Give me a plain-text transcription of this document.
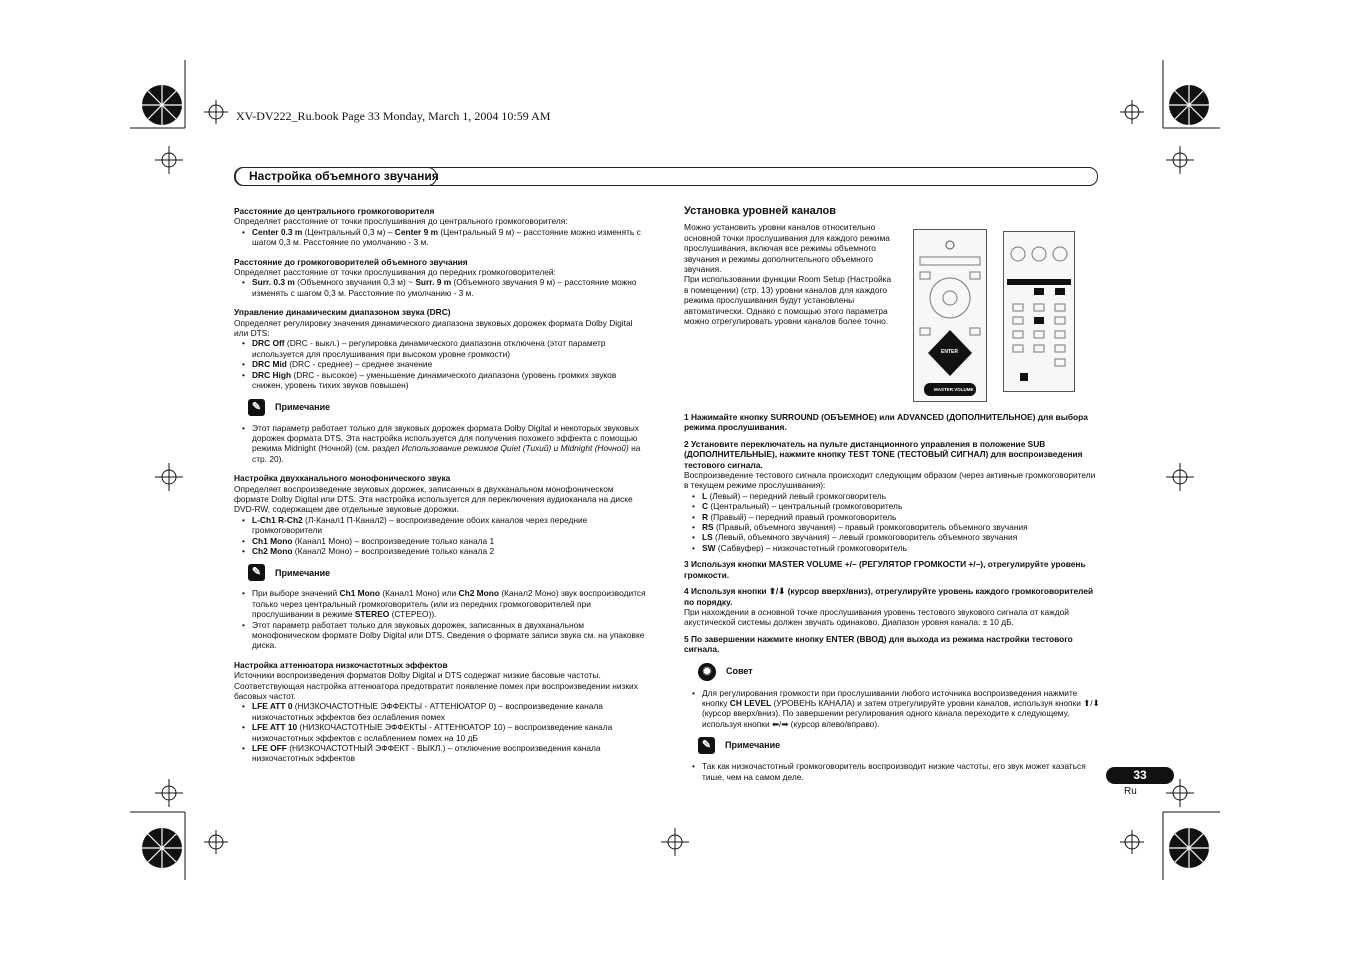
XV-DV222_Ru.book Page 33 Monday, March 1, 2004 10:59 AM
Настройка объемного звучания

Расстояние до центрального громкоговорителя

Определяет расстояние от точки прослушивания до центрального громкоговорителя:

• Center 0.3 m (Центральный 0,3 м) – Center 9 m (Центральный 9 м) – расстояние можно изменять с шагом 0,3 м. Расстояние по умолчанию - 3 м.

Расстояние до громкоговорителей объемного звучания

Определяет расстояние от точки прослушивания до передних громкоговорителей:

• Surr. 0.3 m (Объемного звучания 0,3 м) ~ Surr. 9 m (Объемного звучания 9 м) – расстояние можно изменять с шагом 0,3 м. Расстояние по умолчанию - 3 м.

Управление динамическим диапазоном звука (DRC)

Определяет регулировку значения динамического диапазона звуковых дорожек формата Dolby Digital или DTS:

• DRC Off (DRC - выкл.) – регулировка динамического диапазона отключена (этот параметр используется для прослушивания при высоком уровне громкости)

• DRC Mid (DRC - среднее) – среднее значение

• DRC High (DRC - высокое) – уменьшение динамического диапазона (уровень громких звуков снижен, уровень тихих звуков повышен)

✎	Примечание

• Этот параметр работает только для звуковых дорожек формата Dolby Digital и некоторых звуковых дорожек формата DTS. Эта настройка используется для получения похожего эффекта с помощью режима Midnight (Ночной) (см. раздел Использование режимов Quiet (Тихий) и Midnight (Ночной) на стр. 20).

Настройка двухканального монофонического звука

Определяет воспроизведение звуковых дорожек, записанных в двухканальном монофоническом формате Dolby Digital или DTS. Эта настройка используется для переключения аудиоканала на диске DVD-RW, содержащем две отдельные звуковые дорожки.

• L-Ch1 R-Ch2 (Л-Канал1 П-Канал2) – воспроизведение обоих каналов через передние громкоговорители

• Ch1 Mono (Канал1 Моно) – воспроизведение только канала 1

• Ch2 Mono (Канал2 Моно) – воспроизведение только канала 2

✎	Примечание

• При выборе значений Ch1 Mono (Канал1 Моно) или Ch2 Mono (Канал2 Моно) звук воспроизводится только через центральный громкоговоритель (или из передних громкоговорителей при прослушивании в режиме STEREO (СТЕРЕО)).

• Этот параметр работает только для звуковых дорожек, записанных в двухканальном монофоническом формате Dolby Digital или DTS. Сведения о формате записи звука см. на упаковке диска.

Настройка аттенюатора низкочастотных эффектов

Источники воспроизведения форматов Dolby Digital и DTS содержат низкие басовые частоты. Соответствующая настройка аттенюатора предотвратит появление помех при воспроизведении низких басовых частот.

• LFE ATT 0 (НИЗКОЧАСТОТНЫЕ ЭФФЕКТЫ - АТТЕНЮАТОР 0) – воспроизведение канала низкочастотных эффектов без ослабления помех

• LFE ATT 10 (НИЗКОЧАСТОТНЫЕ ЭФФЕКТЫ - АТТЕНЮАТОР 10) – воспроизведение канала низкочастотных эффектов с ослаблением помех на 10 дБ

• LFE OFF (НИЗКОЧАСТОТНЫЙ ЭФФЕКТ - ВЫКЛ.) – отключение воспроизведения канала низкочастотных эффектов

Установка уровней каналов

Можно установить уровни каналов относительно основной точки прослушивания для каждого режима прослушивания, включая все режимы объемного звучания и режимы дополнительного объемного звучания.

При использовании функции Room Setup (Настройка в помещении) (стр. 13) уровни каналов для каждого режима прослушивания будут установлены автоматически. Однако с помощью этого параметра можно отрегулировать уровни каналов более точно.

ENTER
MASTER VOLUME

1 Нажимайте кнопку SURROUND (ОБЪЕМНОЕ) или ADVANCED (ДОПОЛНИТЕЛЬНОЕ) для выбора режима прослушивания.

2 Установите переключатель на пульте дистанционного управления в положение SUB (ДОПОЛНИТЕЛЬНЫЕ), нажмите кнопку TEST TONE (ТЕСТОВЫЙ СИГНАЛ) для воспроизведения тестового сигнала.

Воспроизведение тестового сигнала происходит следующим образом (через активные громкоговорители в текущем режиме прослушивания):

• L (Левый) – передний левый громкоговоритель

• C (Центральный) – центральный громкоговоритель

• R (Правый) – передний правый громкоговоритель

• RS (Правый, объемного звучания) – правый громкоговоритель объемного звучания

• LS (Левый, объемного звучания) – левый громкоговоритель объемного звучания

• SW (Сабвуфер) – низкочастотный громкоговоритель

3 Используя кнопки MASTER VOLUME +/– (РЕГУЛЯТОР ГРОМКОСТИ +/–), отрегулируйте уровень громкости.

4 Используя кнопки ⬆/⬇ (курсор вверх/вниз), отрегулируйте уровень каждого громкоговорителей по порядку.

При нахождении в основной точке прослушивания уровень тестового звукового сигнала от каждой акустической системы должен звучать одинаково. Диапазон уровня канала: ± 10 дБ.

5 По завершении нажмите кнопку ENTER (ВВОД) для выхода из режима настройки тестового сигнала.

✹	Совет

• Для регулирования громкости при прослушивании любого источника воспроизведения нажмите кнопку CH LEVEL (УРОВЕНЬ КАНАЛА) и затем отрегулируйте уровни каналов, используя кнопки ⬆/⬇ (курсор вверх/вниз). По завершении регулирования одного канала переходите к следующему, используя кнопки ⬅/➡ (курсор влево/вправо).

✎	Примечание

• Так как низкочастотный громкоговоритель воспроизводит низкие частоты, его звук может казаться тише, чем на самом деле.	33
Ru
